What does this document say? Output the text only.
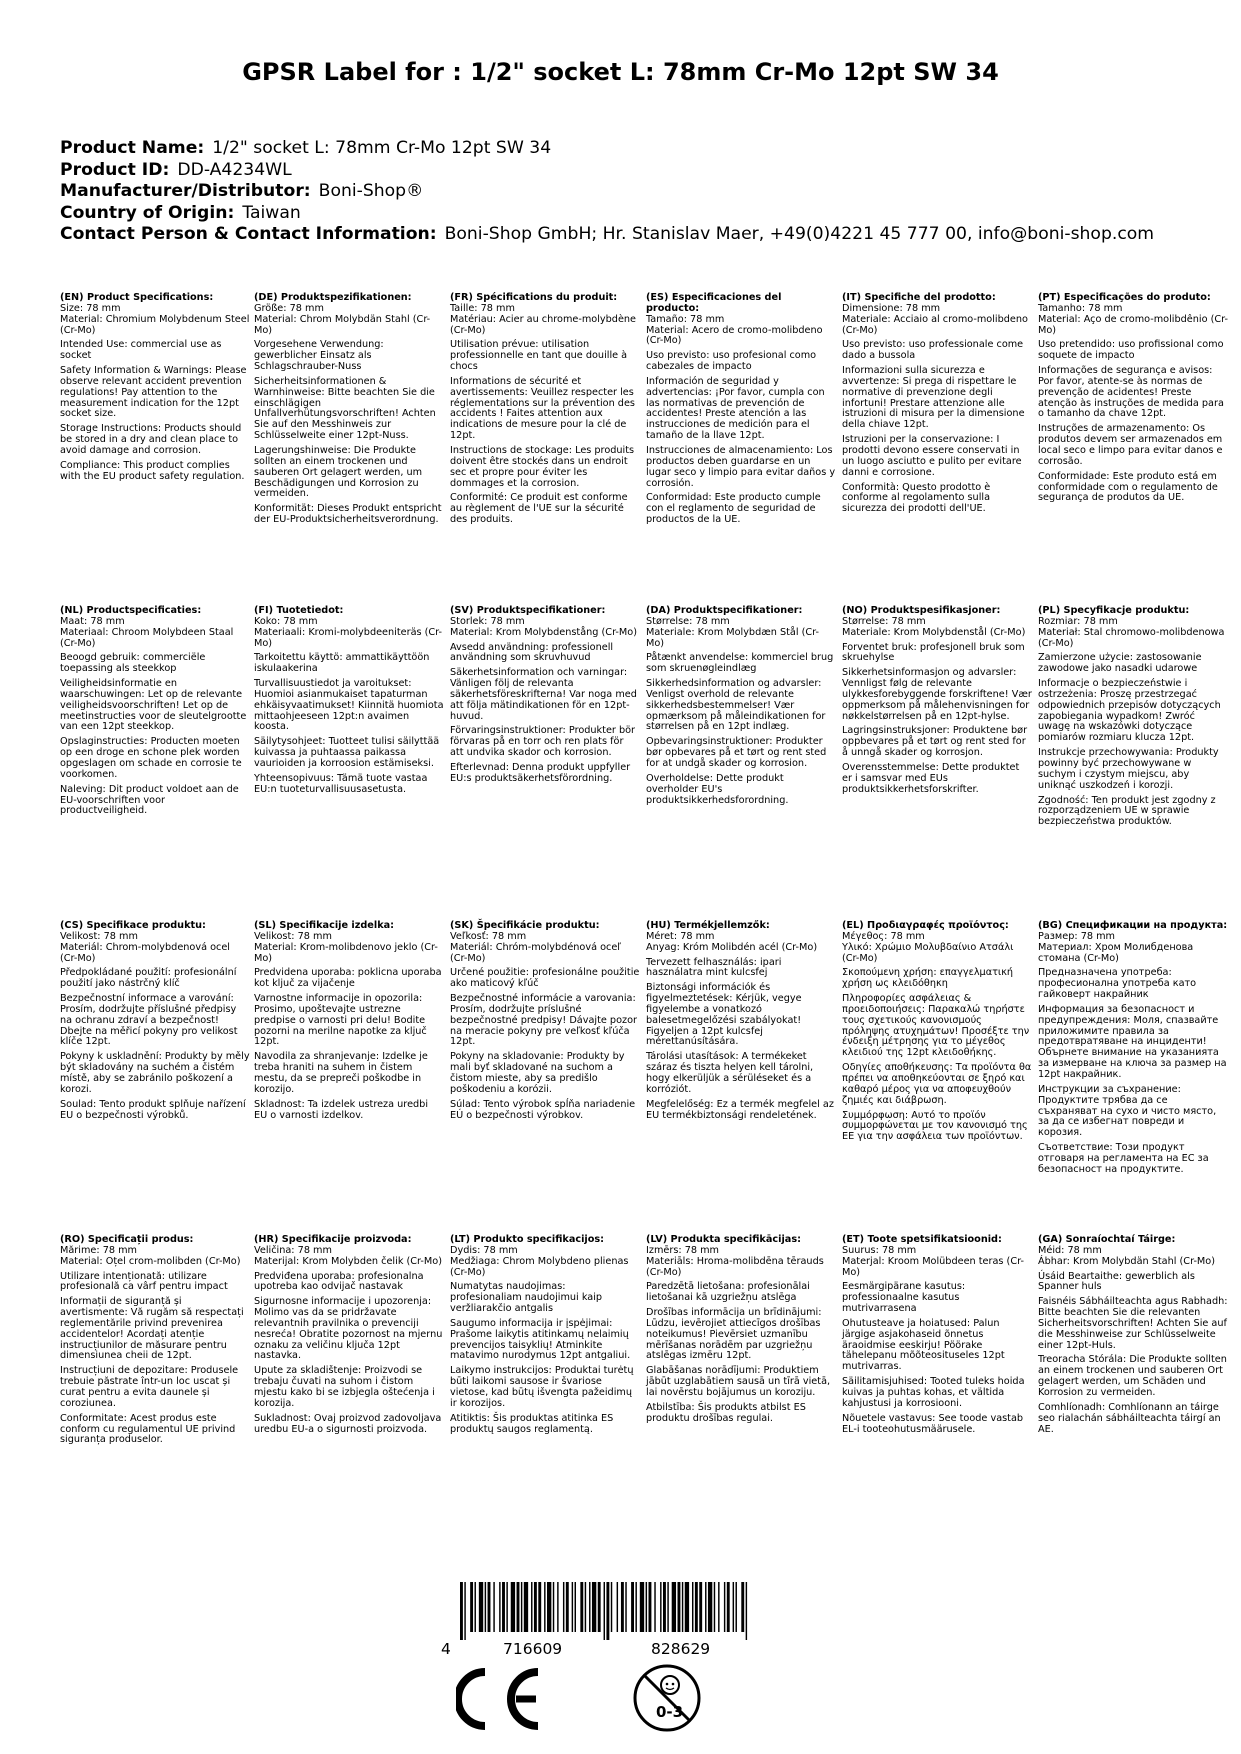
GPSR Label for : 1/2" socket L: 78mm Cr-Mo 12pt SW 34
Product Name: 1/2" socket L: 78mm Cr-Mo 12pt SW 34
Product ID: DD-A4234WL
Manufacturer/Distributor: Boni-Shop®
Country of Origin: Taiwan
Contact Person & Contact Information: Boni-Shop GmbH; Hr. Stanislav Maer, +49(0)4221 45 777 00, info@boni-shop.com
(EN) Product Specifications:
Size: 78 mm
Material: Chromium Molybdenum Steel (Cr-Mo)
Intended Use: commercial use as socket
Safety Information & Warnings: Please observe relevant accident prevention regulations! Pay attention to the measurement indication for the 12pt socket size.
Storage Instructions: Products should be stored in a dry and clean place to avoid damage and corrosion.
Compliance: This product complies with the EU product safety regulation.
(DE) Produktspezifikationen:
Größe: 78 mm
Material: Chrom Molybdän Stahl (Cr-Mo)
Vorgesehene Verwendung: gewerblicher Einsatz als Schlagschrauber-Nuss
Sicherheitsinformationen & Warnhinweise: Bitte beachten Sie die einschlägigen Unfallverhütungsvorschriften! Achten Sie auf den Messhinweis zur Schlüsselweite einer 12pt-Nuss.
Lagerungshinweise: Die Produkte sollten an einem trockenen und sauberen Ort gelagert werden, um Beschädigungen und Korrosion zu vermeiden.
Konformität: Dieses Produkt entspricht der EU-Produktsicherheitsverordnung.
(FR) Spécifications du produit:
Taille: 78 mm
Matériau: Acier au chrome-molybdène (Cr-Mo)
Utilisation prévue: utilisation professionnelle en tant que douille à chocs
Informations de sécurité et avertissements: Veuillez respecter les réglementations sur la prévention des accidents ! Faites attention aux indications de mesure pour la clé de 12pt.
Instructions de stockage: Les produits doivent être stockés dans un endroit sec et propre pour éviter les dommages et la corrosion.
Conformité: Ce produit est conforme au règlement de l'UE sur la sécurité des produits.
(ES) Especificaciones del producto:
Tamaño: 78 mm
Material: Acero de cromo-molibdeno (Cr-Mo)
Uso previsto: uso profesional como cabezales de impacto
Información de seguridad y advertencias: ¡Por favor, cumpla con las normativas de prevención de accidentes! Preste atención a las instrucciones de medición para el tamaño de la llave 12pt.
Instrucciones de almacenamiento: Los productos deben guardarse en un lugar seco y limpio para evitar daños y corrosión.
Conformidad: Este producto cumple con el reglamento de seguridad de productos de la UE.
(IT) Specifiche del prodotto:
Dimensione: 78 mm
Materiale: Acciaio al cromo-molibdeno (Cr-Mo)
Uso previsto: uso professionale come dado a bussola
Informazioni sulla sicurezza e avvertenze: Si prega di rispettare le normative di prevenzione degli infortuni! Prestare attenzione alle istruzioni di misura per la dimensione della chiave 12pt.
Istruzioni per la conservazione: I prodotti devono essere conservati in un luogo asciutto e pulito per evitare danni e corrosione.
Conformità: Questo prodotto è conforme al regolamento sulla sicurezza dei prodotti dell'UE.
(PT) Especificações do produto:
Tamanho: 78 mm
Material: Aço de cromo-molibdênio (Cr-Mo)
Uso pretendido: uso profissional como soquete de impacto
Informações de segurança e avisos: Por favor, atente-se às normas de prevenção de acidentes! Preste atenção às instruções de medida para o tamanho da chave 12pt.
Instruções de armazenamento: Os produtos devem ser armazenados em local seco e limpo para evitar danos e corrosão.
Conformidade: Este produto está em conformidade com o regulamento de segurança de produtos da UE.
(NL) Productspecificaties:
Maat: 78 mm
Materiaal: Chroom Molybdeen Staal (Cr-Mo)
Beoogd gebruik: commerciële toepassing als steekkop
Veiligheidsinformatie en waarschuwingen: Let op de relevante veiligheidsvoorschriften! Let op de meetinstructies voor de sleutelgrootte van een 12pt steekkop.
Opslaginstructies: Producten moeten op een droge en schone plek worden opgeslagen om schade en corrosie te voorkomen.
Naleving: Dit product voldoet aan de EU-voorschriften voor productveiligheid.
(FI) Tuotetiedot:
Koko: 78 mm
Materiaali: Kromi-molybdeeniteräs (Cr-Mo)
Tarkoitettu käyttö: ammattikäyttöön iskulaakerina
Turvallisuustiedot ja varoitukset: Huomioi asianmukaiset tapaturman ehkäisyvaatimukset! Kiinnitä huomiota mittaohjeeseen 12pt:n avaimen koosta.
Säilytysohjeet: Tuotteet tulisi säilyttää kuivassa ja puhtaassa paikassa vaurioiden ja korroosion estämiseksi.
Yhteensopivuus: Tämä tuote vastaa EU:n tuoteturvallisuusasetusta.
(SV) Produktspecifikationer:
Storlek: 78 mm
Material: Krom Molybdenstång (Cr-Mo)
Avsedd användning: professionell användning som skruvhuvud
Säkerhetsinformation och varningar: Vänligen följ de relevanta säkerhetsföreskrifterna! Var noga med att följa mätindikationen för en 12pt-huvud.
Förvaringsinstruktioner: Produkter bör förvaras på en torr och ren plats för att undvika skador och korrosion.
Efterlevnad: Denna produkt uppfyller EU:s produktsäkerhetsförordning.
(DA) Produktspecifikationer:
Størrelse: 78 mm
Materiale: Krom Molybdæn Stål (Cr-Mo)
Påtænkt anvendelse: kommerciel brug som skruenøgleindlæg
Sikkerhedsinformation og advarsler: Venligst overhold de relevante sikkerhedsbestemmelser! Vær opmærksom på måleindikationen for størrelsen på en 12pt indlæg.
Opbevaringsinstruktioner: Produkter bør opbevares på et tørt og rent sted for at undgå skader og korrosion.
Overholdelse: Dette produkt overholder EU's produktsikkerhedsforordning.
(NO) Produktspesifikasjoner:
Størrelse: 78 mm
Materiale: Krom Molybdenstål (Cr-Mo)
Forventet bruk: profesjonell bruk som skruehylse
Sikkerhetsinformasjon og advarsler: Vennligst følg de relevante ulykkesforebyggende forskriftene! Vær oppmerksom på målehenvisningen for nøkkelstørrelsen på en 12pt-hylse.
Lagringsinstruksjoner: Produktene bør oppbevares på et tørt og rent sted for å unngå skader og korrosjon.
Overensstemmelse: Dette produktet er i samsvar med EUs produktsikkerhetsforskrifter.
(PL) Specyfikacje produktu:
Rozmiar: 78 mm
Materiał: Stal chromowo-molibdenowa (Cr-Mo)
Zamierzone użycie: zastosowanie zawodowe jako nasadki udarowe
Informacje o bezpieczeństwie i ostrzeżenia: Proszę przestrzegać odpowiednich przepisów dotyczących zapobiegania wypadkom! Zwróć uwagę na wskazówki dotyczące pomiarów rozmiaru klucza 12pt.
Instrukcje przechowywania: Produkty powinny być przechowywane w suchym i czystym miejscu, aby uniknąć uszkodzeń i korozji.
Zgodność: Ten produkt jest zgodny z rozporządzeniem UE w sprawie bezpieczeństwa produktów.
(CS) Specifikace produktu:
Velikost: 78 mm
Materiál: Chrom-molybdenová ocel (Cr-Mo)
Předpokládané použití: profesionální použití jako nástrčný klíč
Bezpečnostní informace a varování: Prosím, dodržujte příslušné předpisy na ochranu zdraví a bezpečnost! Dbejte na měřicí pokyny pro velikost klíče 12pt.
Pokyny k uskladnění: Produkty by měly být skladovány na suchém a čistém místě, aby se zabránilo poškození a korozi.
Soulad: Tento produkt splňuje nařízení EU o bezpečnosti výrobků.
(SL) Specifikacije izdelka:
Velikost: 78 mm
Material: Krom-molibdenovo jeklo (Cr-Mo)
Predvidena uporaba: poklicna uporaba kot ključ za vijačenje
Varnostne informacije in opozorila: Prosimo, upoštevajte ustrezne predpise o varnosti pri delu! Bodite pozorni na merilne napotke za ključ 12pt.
Navodila za shranjevanje: Izdelke je treba hraniti na suhem in čistem mestu, da se prepreči poškodbe in korozijo.
Skladnost: Ta izdelek ustreza uredbi EU o varnosti izdelkov.
(SK) Špecifikácie produktu:
Veľkosť: 78 mm
Materiál: Chróm-molybdénová oceľ (Cr-Mo)
Určené použitie: profesionálne použitie ako maticový kľúč
Bezpečnostné informácie a varovania: Prosím, dodržujte príslušné bezpečnostné predpisy! Dávajte pozor na meracie pokyny pre veľkosť kľúča 12pt.
Pokyny na skladovanie: Produkty by mali byť skladované na suchom a čistom mieste, aby sa predišlo poškodeniu a korózii.
Súlad: Tento výrobok spĺňa nariadenie EÚ o bezpečnosti výrobkov.
(HU) Termékjellemzők:
Méret: 78 mm
Anyag: Króm Molibdén acél (Cr-Mo)
Tervezett felhasználás: ipari használatra mint kulcsfej
Biztonsági információk és figyelmeztetések: Kérjük, vegye figyelembe a vonatkozó balesetmegelőzési szabályokat! Figyeljen a 12pt kulcsfej mérettanúsítására.
Tárolási utasítások: A termékeket száraz és tiszta helyen kell tárolni, hogy elkerüljük a sérüléseket és a korróziót.
Megfelelőség: Ez a termék megfelel az EU termékbiztonsági rendeletének.
(EL) Προδιαγραφές προϊόντος:
Μέγεθος: 78 mm
Υλικό: Χρώμιο Μολυβδαίνιο Ατσάλι (Cr-Mo)
Σκοπούμενη χρήση: επαγγελματική χρήση ως κλειδόθηκη
Πληροφορίες ασφάλειας & προειδοποιήσεις: Παρακαλώ τηρήστε τους σχετικούς κανονισμούς πρόληψης ατυχημάτων! Προσέξτε την ένδειξη μέτρησης για το μέγεθος κλειδιού της 12pt κλειδοθήκης.
Οδηγίες αποθήκευσης: Τα προϊόντα θα πρέπει να αποθηκεύονται σε ξηρό και καθαρό μέρος για να αποφευχθούν ζημιές και διάβρωση.
Συμμόρφωση: Αυτό το προϊόν συμμορφώνεται με τον κανονισμό της ΕΕ για την ασφάλεια των προϊόντων.
(BG) Спецификации на продукта:
Размер: 78 mm
Материал: Хром Молибденова стомана (Cr-Mo)
Предназначена употреба: професионална употреба като гайковерт накрайник
Информация за безопасност и предупреждения: Моля, спазвайте приложимите правила за предотвратяване на инциденти! Обърнете внимание на указанията за измерване на ключа за размер на 12pt накрайник.
Инструкции за съхранение: Продуктите трябва да се съхраняват на сухо и чисто място, за да се избегнат повреди и корозия.
Съответствие: Този продукт отговаря на регламента на ЕС за безопасност на продуктите.
(RO) Specificații produs:
Mărime: 78 mm
Material: Oțel crom-molibden (Cr-Mo)
Utilizare intenționată: utilizare profesională ca vârf pentru impact
Informații de siguranță și avertismente: Vă rugăm să respectați reglementările privind prevenirea accidentelor! Acordați atenție instrucțiunilor de măsurare pentru dimensiunea cheii de 12pt.
Instrucțiuni de depozitare: Produsele trebuie păstrate într-un loc uscat și curat pentru a evita daunele și coroziunea.
Conformitate: Acest produs este conform cu regulamentul UE privind siguranța produselor.
(HR) Specifikacije proizvoda:
Veličina: 78 mm
Materijal: Krom Molybden čelik (Cr-Mo)
Predviđena uporaba: profesionalna upotreba kao odvijač nastavak
Sigurnosne informacije i upozorenja: Molimo vas da se pridržavate relevantnih pravilnika o prevenciji nesreća! Obratite pozornost na mjernu oznaku za veličinu ključa 12pt nastavka.
Upute za skladištenje: Proizvodi se trebaju čuvati na suhom i čistom mjestu kako bi se izbjegla oštećenja i korozija.
Sukladnost: Ovaj proizvod zadovoljava uredbu EU-a o sigurnosti proizvoda.
(LT) Produkto specifikacijos:
Dydis: 78 mm
Medžiaga: Chrom Molybdeno plienas (Cr-Mo)
Numatytas naudojimas: profesionaliam naudojimui kaip veržliarakčio antgalis
Saugumo informacija ir įspėjimai: Prašome laikytis atitinkamų nelaimių prevencijos taisyklių! Atminkite matavimo nurodymus 12pt antgaliui.
Laikymo instrukcijos: Produktai turėtų būti laikomi sausose ir švariose vietose, kad būtų išvengta pažeidimų ir korozijos.
Atitiktis: Šis produktas atitinka ES produktų saugos reglamentą.
(LV) Produkta specifikācijas:
Izmērs: 78 mm
Materiāls: Hroma-molibdēna tērauds (Cr-Mo)
Paredzētā lietošana: profesionālai lietošanai kā uzgriežņu atslēga
Drošības informācija un brīdinājumi: Lūdzu, ievērojiet attiecīgos drošības noteikumus! Pievērsiet uzmanību mērīšanas norādēm par uzgriežņu atslēgas izmēru 12pt.
Glabāšanas norādījumi: Produktiem jābūt uzglabātiem sausā un tīrā vietā, lai novērstu bojājumus un koroziju.
Atbilstība: Šis produkts atbilst ES produktu drošības regulai.
(ET) Toote spetsifikatsioonid:
Suurus: 78 mm
Materjal: Kroom Molübdeen teras (Cr-Mo)
Eesmärgipärane kasutus: professionaalne kasutus mutrivarrasena
Ohutusteave ja hoiatused: Palun järgige asjakohaseid õnnetus äraoidmise eeskirju! Pöörake tähelepanu mõõteosituseles 12pt mutrivarras.
Säilitamisjuhised: Tooted tuleks hoida kuivas ja puhtas kohas, et vältida kahjustusi ja korrosiooni.
Nõuetele vastavus: See toode vastab EL-i tooteohutusmäärusele.
(GA) Sonraíochtaí Táirge:
Méid: 78 mm
Ábhar: Krom Molybdän Stahl (Cr-Mo)
Úsáid Beartaithe: gewerblich als Spanner huls
Faisnéis Sábháilteachta agus Rabhadh: Bitte beachten Sie die relevanten Sicherheitsvorschriften! Achten Sie auf die Messhinweise zur Schlüsselweite einer 12pt-Huls.
Treoracha Stórála: Die Produkte sollten an einem trockenen und sauberen Ort gelagert werden, um Schäden und Korrosion zu vermeiden.
Comhlíonadh: Comhlíonann an táirge seo rialachán sábháilteachta táirgí an AE.
4	716609	828629
0-3
